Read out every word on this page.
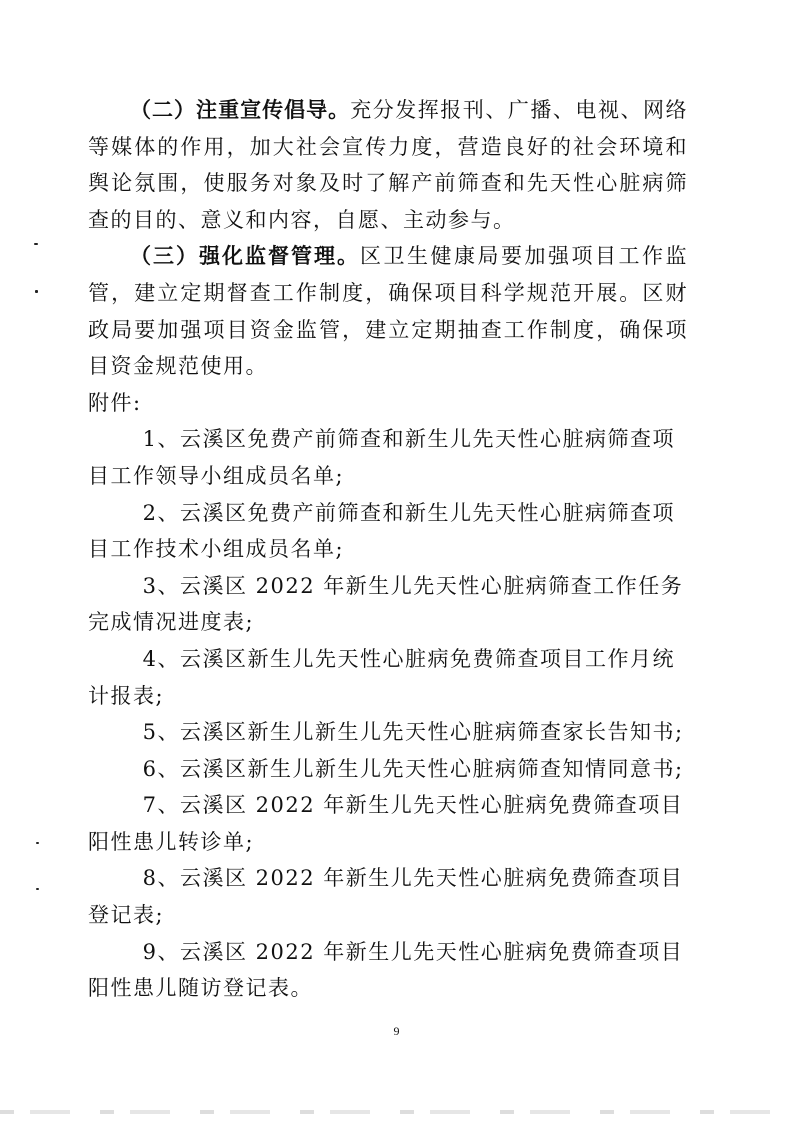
（二）注重宣传倡导。充分发挥报刊、广播、电视、网络等媒体的作用，加大社会宣传力度，营造良好的社会环境和舆论氛围，使服务对象及时了解产前筛查和先天性心脏病筛查的目的、意义和内容，自愿、主动参与。

（三）强化监督管理。区卫生健康局要加强项目工作监管，建立定期督查工作制度，确保项目科学规范开展。区财政局要加强项目资金监管，建立定期抽查工作制度，确保项目资金规范使用。

附件:

1、云溪区免费产前筛查和新生儿先天性心脏病筛查项目工作领导小组成员名单;

2、云溪区免费产前筛查和新生儿先天性心脏病筛查项目工作技术小组成员名单;

3、云溪区 2022 年新生儿先天性心脏病筛查工作任务完成情况进度表;

4、云溪区新生儿先天性心脏病免费筛查项目工作月统计报表;

5、云溪区新生儿新生儿先天性心脏病筛查家长告知书;

6、云溪区新生儿新生儿先天性心脏病筛查知情同意书;

7、云溪区 2022 年新生儿先天性心脏病免费筛查项目阳性患儿转诊单;

8、云溪区 2022 年新生儿先天性心脏病免费筛查项目登记表;

9、云溪区 2022 年新生儿先天性心脏病免费筛查项目阳性患儿随访登记表。

9
